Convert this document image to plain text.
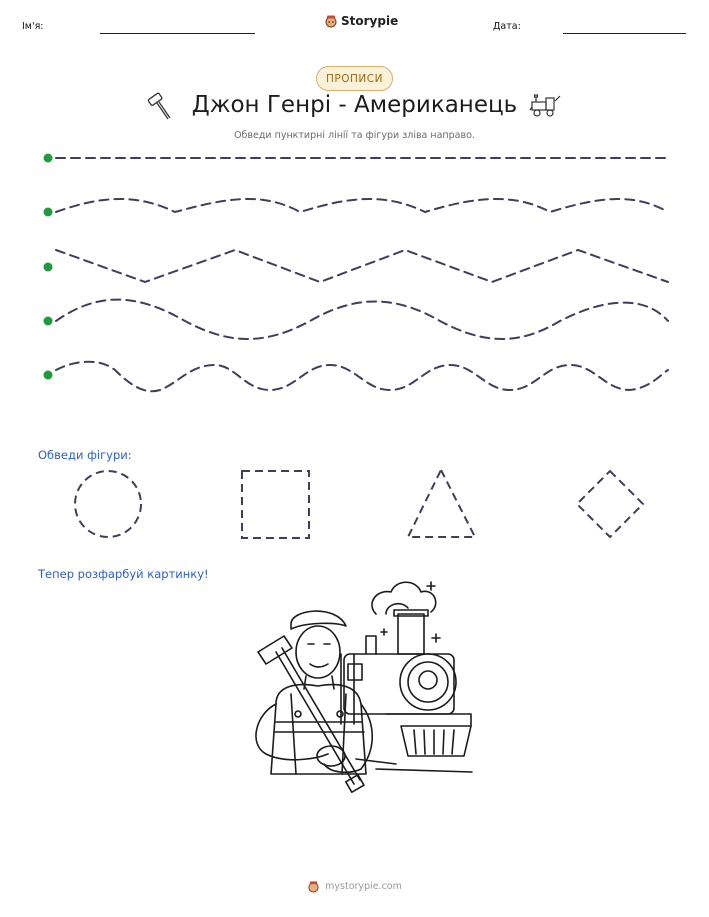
Ім'я:	Storypie	Дата:
ПРОПИСИ
Джон Генрі - Американець
Обведи пунктирні лінії та фігури зліва направо.
Обведи фігури:
Тепер розфарбуй картинку!
mystorypie.com
